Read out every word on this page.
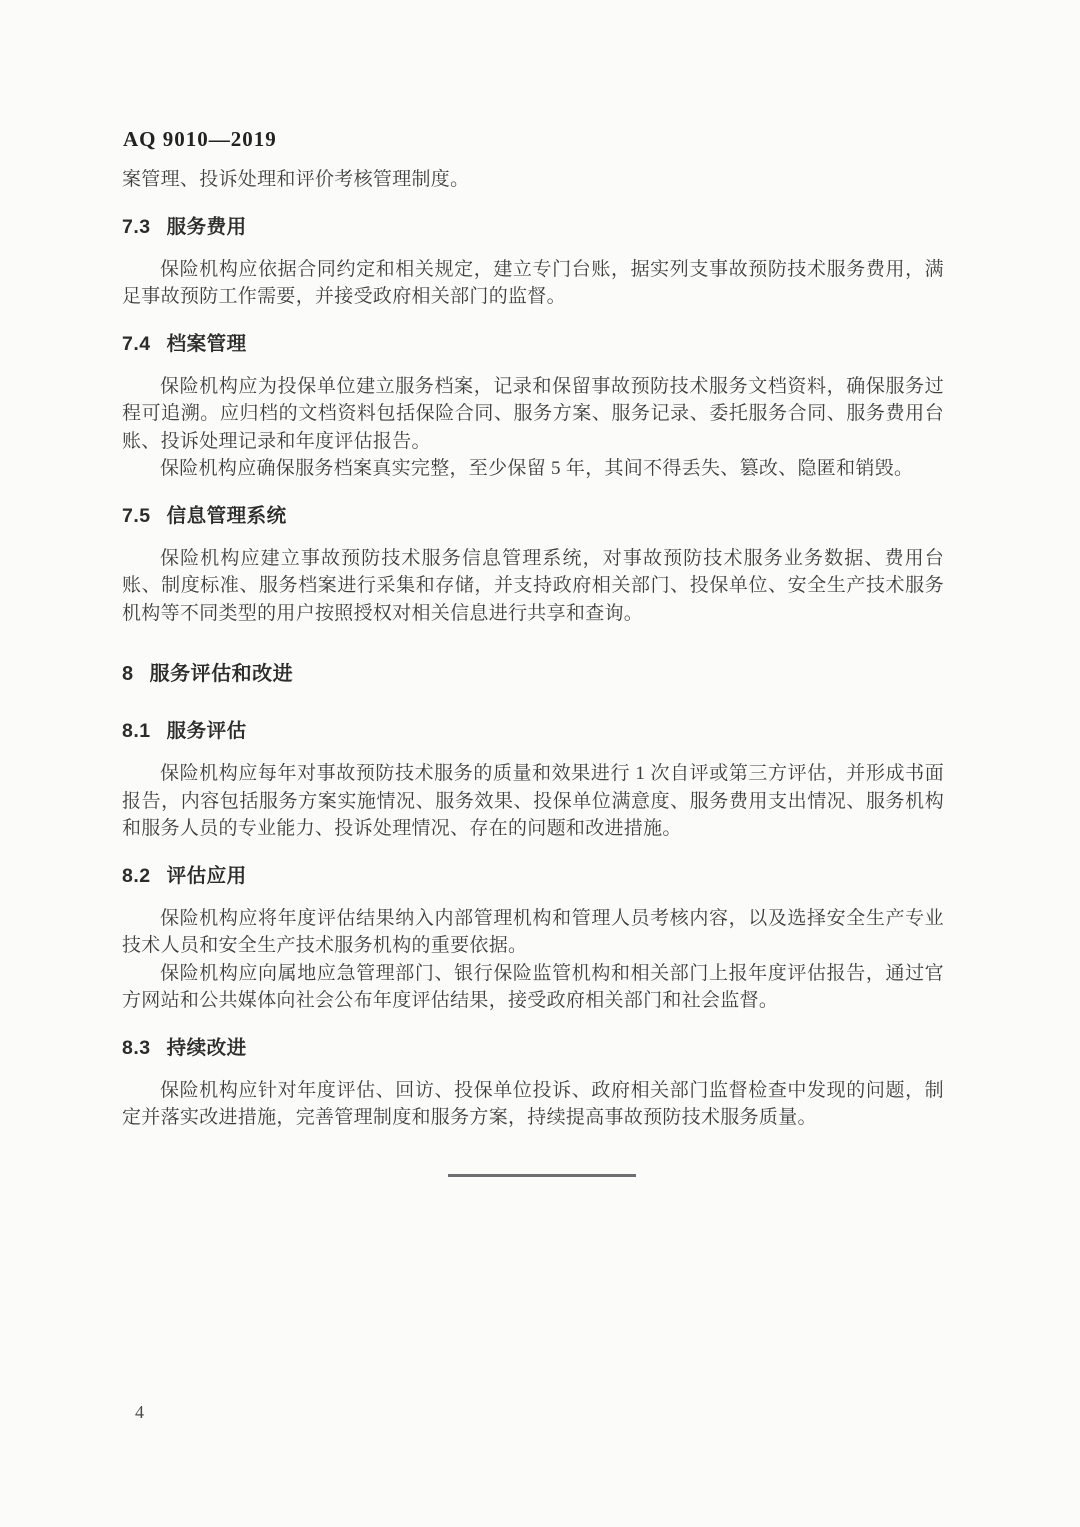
AQ 9010—2019

案管理、投诉处理和评价考核管理制度。

7.3 服务费用

保险机构应依据合同约定和相关规定，建立专门台账，据实列支事故预防技术服务费用，满足事故预防工作需要，并接受政府相关部门的监督。

7.4 档案管理

保险机构应为投保单位建立服务档案，记录和保留事故预防技术服务文档资料，确保服务过程可追溯。应归档的文档资料包括保险合同、服务方案、服务记录、委托服务合同、服务费用台账、投诉处理记录和年度评估报告。

保险机构应确保服务档案真实完整，至少保留 5 年，其间不得丢失、篡改、隐匿和销毁。

7.5 信息管理系统

保险机构应建立事故预防技术服务信息管理系统，对事故预防技术服务业务数据、费用台账、制度标准、服务档案进行采集和存储，并支持政府相关部门、投保单位、安全生产技术服务机构等不同类型的用户按照授权对相关信息进行共享和查询。

8 服务评估和改进
8.1 服务评估

保险机构应每年对事故预防技术服务的质量和效果进行 1 次自评或第三方评估，并形成书面报告，内容包括服务方案实施情况、服务效果、投保单位满意度、服务费用支出情况、服务机构和服务人员的专业能力、投诉处理情况、存在的问题和改进措施。

8.2 评估应用

保险机构应将年度评估结果纳入内部管理机构和管理人员考核内容，以及选择安全生产专业技术人员和安全生产技术服务机构的重要依据。

保险机构应向属地应急管理部门、银行保险监管机构和相关部门上报年度评估报告，通过官方网站和公共媒体向社会公布年度评估结果，接受政府相关部门和社会监督。

8.3 持续改进

保险机构应针对年度评估、回访、投保单位投诉、政府相关部门监督检查中发现的问题，制定并落实改进措施，完善管理制度和服务方案，持续提高事故预防技术服务质量。

4
